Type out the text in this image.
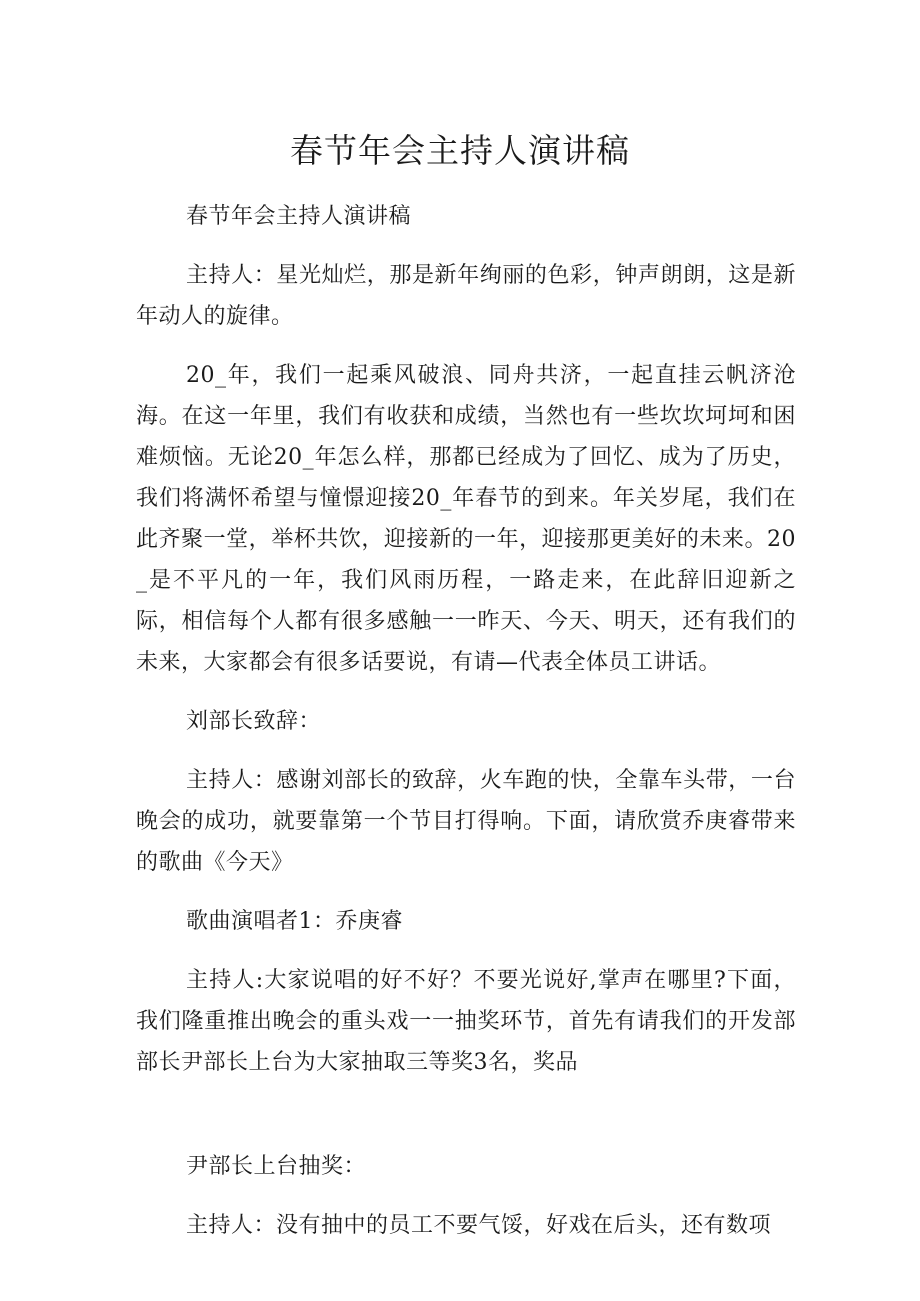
春节年会主持人演讲稿

春节年会主持人演讲稿

主持人：星光灿烂，那是新年绚丽的色彩，钟声朗朗，这是新年动人的旋律。

20_年，我们一起乘风破浪、同舟共济，一起直挂云帆济沧海。在这一年里，我们有收获和成绩，当然也有一些坎坎坷坷和困难烦恼。无论20_年怎么样，那都已经成为了回忆、成为了历史，我们将满怀希望与憧憬迎接20_年春节的到来。年关岁尾，我们在此齐聚一堂，举杯共饮，迎接新的一年，迎接那更美好的未来。20_是不平凡的一年，我们风雨历程，一路走来，在此辞旧迎新之际，相信每个人都有很多感触一一昨天、今天、明天，还有我们的未来，大家都会有很多话要说，有请—代表全体员工讲话。

刘部长致辞：

主持人：感谢刘部长的致辞，火车跑的快，全靠车头带，一台晚会的成功，就要靠第一个节目打得响。下面，请欣赏乔庚睿带来的歌曲《今天》

歌曲演唱者1：乔庚睿

主持人:大家说唱的好不好？不要光说好,掌声在哪里?下面，我们隆重推出晚会的重头戏一一抽奖环节，首先有请我们的开发部部长尹部长上台为大家抽取三等奖3名，奖品

尹部长上台抽奖：

主持人：没有抽中的员工不要气馁，好戏在后头，还有数项
